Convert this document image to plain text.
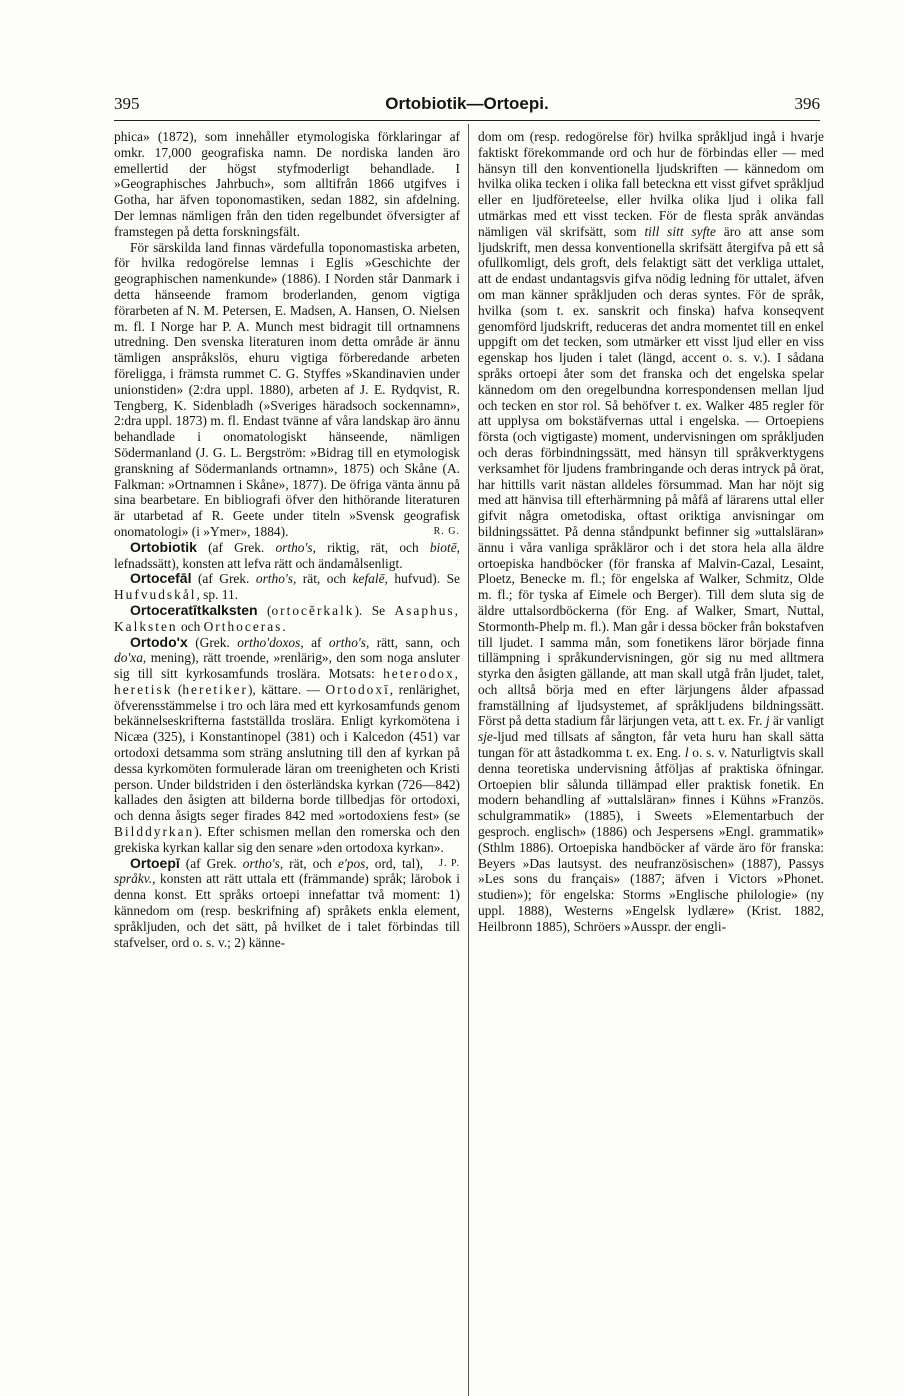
395	Ortobiotik—Ortoepi.	396

phica» (1872), som innehåller etymologiska förklaringar af omkr. 17,000 geografiska namn. De nordiska landen äro emellertid der högst styfmoderligt behandlade. I »Geographisches Jahrbuch», som alltifrån 1866 utgifves i Gotha, har äfven toponomastiken, sedan 1882, sin afdelning. Der lemnas nämligen från den tiden regelbundet öfversigter af framstegen på detta forskningsfält.

För särskilda land finnas värdefulla toponomastiska arbeten, för hvilka redogörelse lemnas i Eglis »Geschichte der geographischen namenkunde» (1886). I Norden står Danmark i detta hänseende framom broderlanden, genom vigtiga förarbeten af N. M. Petersen, E. Madsen, A. Hansen, O. Nielsen m. fl. I Norge har P. A. Munch mest bidragit till ortnamnens utredning. Den svenska literaturen inom detta område är ännu tämligen anspråkslös, ehuru vigtiga förberedande arbeten föreligga, i främsta rummet C. G. Styffes »Skandinavien under unionstiden» (2:dra uppl. 1880), arbeten af J. E. Rydqvist, R. Tengberg, K. Sidenbladh (»Sveriges häradsoch sockennamn», 2:dra uppl. 1873) m. fl. Endast tvänne af våra landskap äro ännu behandlade i onomatologiskt hänseende, nämligen Södermanland (J. G. L. Bergström: »Bidrag till en etymologisk granskning af Södermanlands ortnamn», 1875) och Skåne (A. Falkman: »Ortnamnen i Skåne», 1877). De öfriga vänta ännu på sina bearbetare. En bibliografi öfver den hithörande literaturen är utarbetad af R. Geete under titeln »Svensk geografisk onomatologi» (i »Ymer», 1884).	R. G.

Ortobiotik (af Grek. ortho's, riktig, rät, och biotē, lefnadssätt), konsten att lefva rätt och ändamålsenligt.

Ortocefāl (af Grek. ortho's, rät, och kefalē, hufvud). Se Hufvudskål, sp. 11.

Ortoceratītkalksten (ortocĕrkalk). Se Asaphus, Kalksten och Orthoceras.

Ortodo'x (Grek. ortho'doxos, af ortho's, rätt, sann, och do'xa, mening), rätt troende, »renlärig», den som noga ansluter sig till sitt kyrkosamfunds troslära. Motsats: heterodox, heretisk (heretiker), kättare. — Ortodoxī, renlärighet, öfverensstämmelse i tro och lära med ett kyrkosamfunds genom bekännelseskrifterna fastställda troslära. Enligt kyrkomötena i Nicæa (325), i Konstantinopel (381) och i Kalcedon (451) var ortodoxi detsamma som sträng anslutning till den af kyrkan på dessa kyrkomöten formulerade läran om treenigheten och Kristi person. Under bildstriden i den österländska kyrkan (726—842) kallades den åsigten att bilderna borde tillbedjas för ortodoxi, och denna åsigts seger firades 842 med »ortodoxiens fest» (se Bilddyrkan). Efter schismen mellan den romerska och den grekiska kyrkan kallar sig den senare »den ortodoxa kyrkan».
J. P.

Ortoepī (af Grek. ortho's, rät, och e'pos, ord, tal), språkv., konsten att rätt uttala ett (främmande) språk; lärobok i denna konst. Ett språks ortoepi innefattar två moment: 1) kännedom om (resp. beskrifning af) språkets enkla element, språkljuden, och det sätt, på hvilket de i talet förbindas till stafvelser, ord o. s. v.; 2) känne-

dom om (resp. redogörelse för) hvilka språkljud ingå i hvarje faktiskt förekommande ord och hur de förbindas eller — med hänsyn till den konventionella ljudskriften — kännedom om hvilka olika tecken i olika fall beteckna ett visst gifvet språkljud eller en ljudföreteelse, eller hvilka olika ljud i olika fall utmärkas med ett visst tecken. För de flesta språk användas nämligen väl skrifsätt, som till sitt syfte äro att anse som ljudskrift, men dessa konventionella skrifsätt återgifva på ett så ofullkomligt, dels groft, dels felaktigt sätt det verkliga uttalet, att de endast undantagsvis gifva nödig ledning för uttalet, äfven om man känner språkljuden och deras syntes. För de språk, hvilka (som t. ex. sanskrit och finska) hafva konseqvent genomförd ljudskrift, reduceras det andra momentet till en enkel uppgift om det tecken, som utmärker ett visst ljud eller en viss egenskap hos ljuden i talet (längd, accent o. s. v.). I sådana språks ortoepi åter som det franska och det engelska spelar kännedom om den oregelbundna korrespondensen mellan ljud och tecken en stor rol. Så behöfver t. ex. Walker 485 regler för att upplysa om bokstäfvernas uttal i engelska. — Ortoepiens första (och vigtigaste) moment, undervisningen om språkljuden och deras förbindningssätt, med hänsyn till språkverktygens verksamhet för ljudens frambringande och deras intryck på örat, har hittills varit nästan alldeles försummad. Man har nöjt sig med att hänvisa till efterhärmning på måfå af lärarens uttal eller gifvit några ometodiska, oftast oriktiga anvisningar om bildningssättet. På denna ståndpunkt befinner sig »uttalsläran» ännu i våra vanliga språkläror och i det stora hela alla äldre ortoepiska handböcker (för franska af Malvin-Cazal, Lesaint, Ploetz, Benecke m. fl.; för engelska af Walker, Schmitz, Olde m. fl.; för tyska af Eimele och Berger). Till dem sluta sig de äldre uttalsordböckerna (för Eng. af Walker, Smart, Nuttal, Stormonth-Phelp m. fl.). Man går i dessa böcker från bokstafven till ljudet. I samma mån, som fonetikens läror började finna tillämpning i språkundervisningen, gör sig nu med alltmera styrka den åsigten gällande, att man skall utgå från ljudet, talet, och alltså börja med en efter lärjungens ålder afpassad framställning af ljudsystemet, af språkljudens bildningssätt. Först på detta stadium får lärjungen veta, att t. ex. Fr. j är vanligt sje-ljud med tillsats af sångton, får veta huru han skall sätta tungan för att åstadkomma t. ex. Eng. l o. s. v. Naturligtvis skall denna teoretiska undervisning åtföljas af praktiska öfningar. Ortoepien blir sålunda tillämpad eller praktisk fonetik. En modern behandling af »uttalsläran» finnes i Kühns »Französ. schulgrammatik» (1885), i Sweets »Elementarbuch der gesproch. englisch» (1886) och Jespersens »Engl. grammatik» (Sthlm 1886). Ortoepiska handböcker af värde äro för franska: Beyers »Das lautsyst. des neufranzösischen» (1887), Passys »Les sons du français» (1887; äfven i Victors »Phonet. studien»); för engelska: Storms »Englische philologie» (ny uppl. 1888), Westerns »Engelsk lydlære» (Krist. 1882, Heilbronn 1885), Schröers »Ausspr. der engli-
